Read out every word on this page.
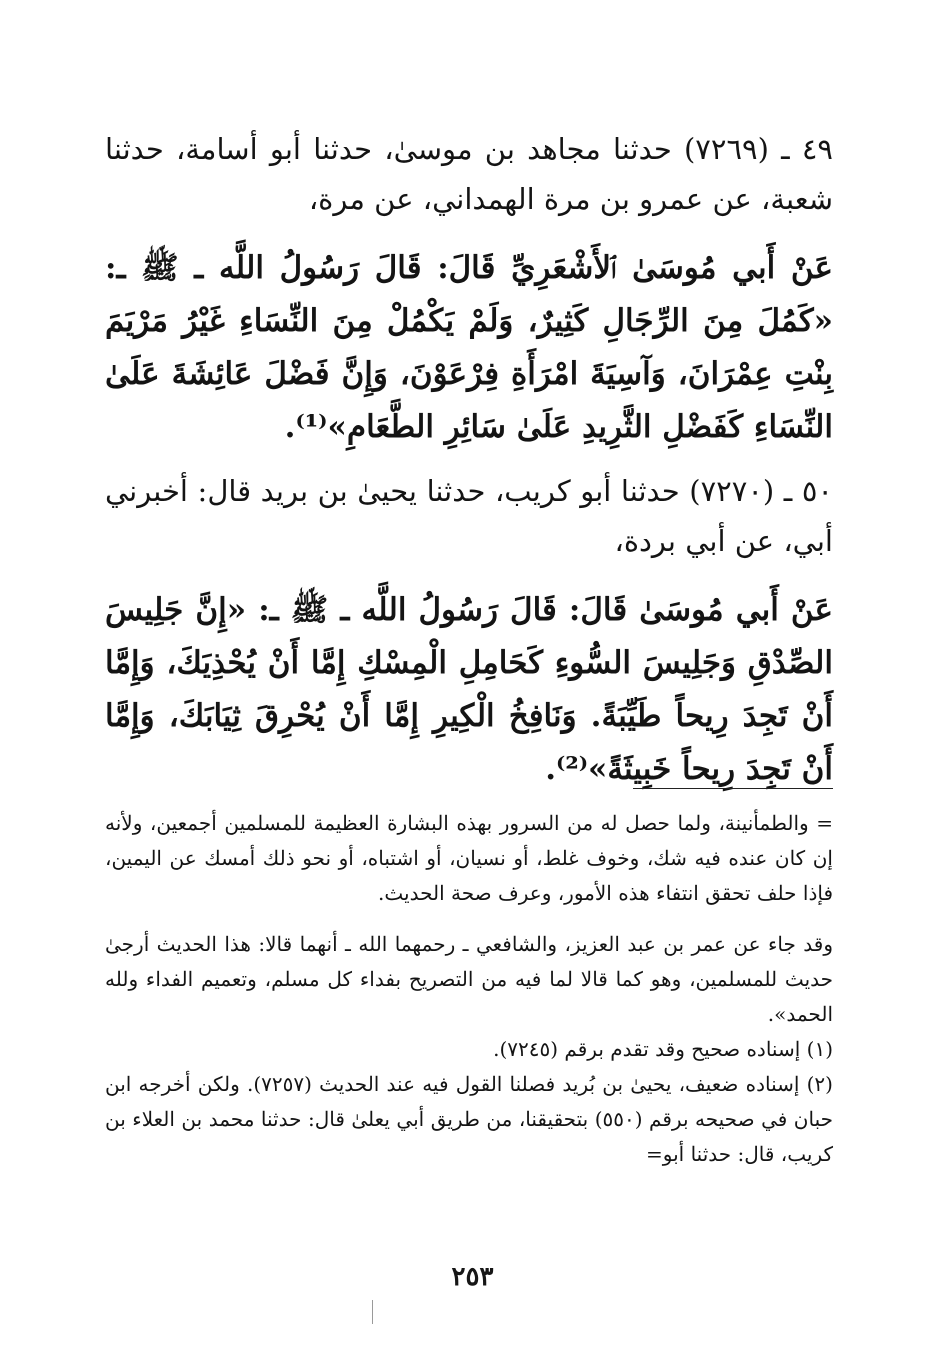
٤٩ ـ (٧٢٦٩) حدثنا مجاهد بن موسىٰ، حدثنا أبو أسامة، حدثنا شعبة، عن عمرو بن مرة الهمداني، عن مرة،

عَنْ أَبي مُوسَىٰ ٱلأَشْعَرِيِّ قَالَ: قَالَ رَسُولُ اللَّه ـ ﷺ ـ: «كَمُلَ مِنَ الرِّجَالِ كَثِيرٌ، وَلَمْ يَكْمُلْ مِنَ النِّسَاءِ غَيْرُ مَرْيَمَ بِنْتِ عِمْرَانَ، وَآسِيَةَ امْرَأَةِ فِرْعَوْنَ، وَإِنَّ فَضْلَ عَائِشَةَ عَلَىٰ النِّسَاءِ كَفَضْلِ الثَّرِيدِ عَلَىٰ سَائِرِ الطَّعَامِ»⁽¹⁾.

٥٠ ـ (٧٢٧٠) حدثنا أبو كريب، حدثنا يحيىٰ بن بريد قال: أخبرني أبي، عن أبي بردة،

عَنْ أَبي مُوسَىٰ قَالَ: قَالَ رَسُولُ اللَّه ـ ﷺ ـ: «إِنَّ جَلِيسَ الصِّدْقِ وَجَلِيسَ السُّوءِ كَحَامِلِ الْمِسْكِ إِمَّا أَنْ يُحْذِيَكَ، وَإِمَّا أَنْ تَجِدَ رِيحاً طَيِّبَةً. وَنَافِخُ الْكِيرِ إِمَّا أَنْ يُحْرِقَ ثِيَابَكَ، وَإِمَّا أَنْ تَجِدَ رِيحاً خَبِيثَةً»⁽²⁾.

= والطمأنينة، ولما حصل له من السرور بهذه البشارة العظيمة للمسلمين أجمعين، ولأنه إن كان عنده فيه شك، وخوف غلط، أو نسيان، أو اشتباه، أو نحو ذلك أمسك عن اليمين، فإذا حلف تحقق انتفاء هذه الأمور، وعرف صحة الحديث.

وقد جاء عن عمر بن عبد العزيز، والشافعي ـ رحمهما الله ـ أنهما قالا: هذا الحديث أرجىٰ حديث للمسلمين، وهو كما قالا لما فيه من التصريح بفداء كل مسلم، وتعميم الفداء ولله الحمد».

(١) إسناده صحيح وقد تقدم برقم (٧٢٤٥).

(٢) إسناده ضعيف، يحيىٰ بن بُريد فصلنا القول فيه عند الحديث (٧٢٥٧). ولكن أخرجه ابن حبان في صحيحه برقم (٥٥٠) بتحقيقنا، من طريق أبي يعلىٰ قال: حدثنا محمد بن العلاء بن كريب، قال: حدثنا أبو=

٢٥٣
